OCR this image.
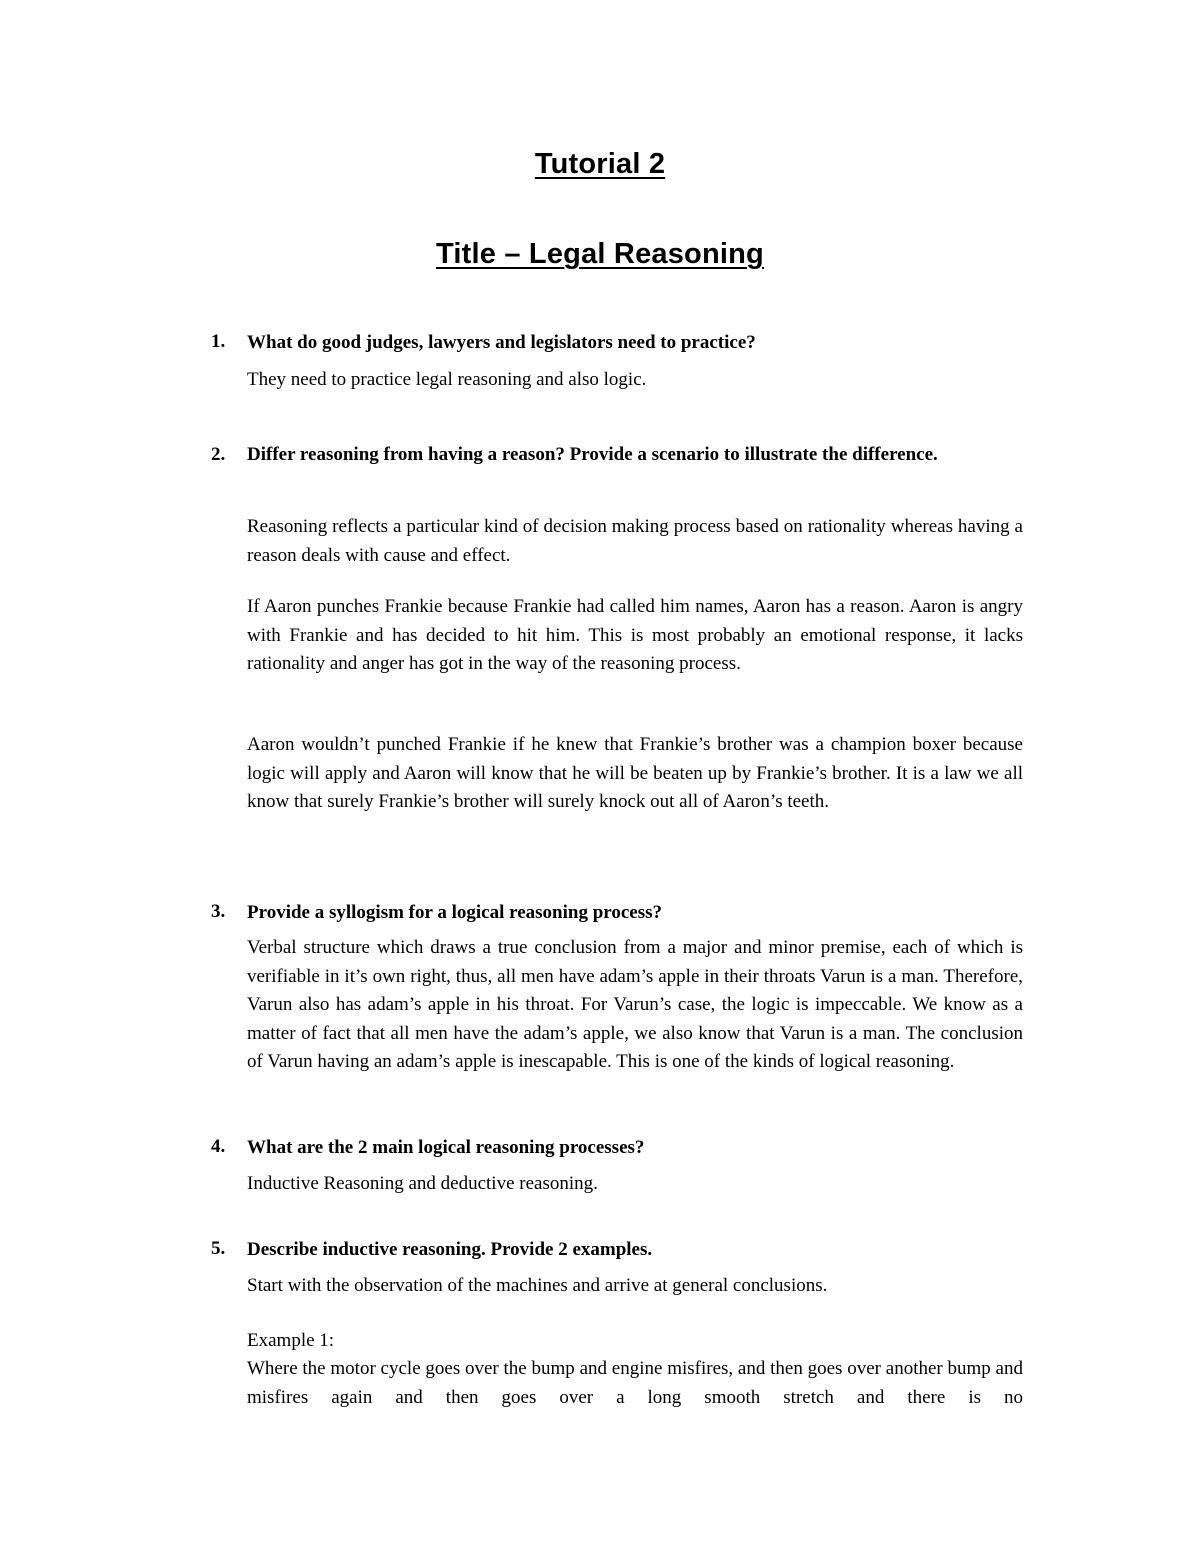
Tutorial 2
Title – Legal Reasoning
1. What do good judges, lawyers and legislators need to practice?
They need to practice legal reasoning and also logic.
2. Differ reasoning from having a reason? Provide a scenario to illustrate the difference.
Reasoning reflects a particular kind of decision making process based on rationality whereas having a reason deals with cause and effect.
If Aaron punches Frankie because Frankie had called him names, Aaron has a reason. Aaron is angry with Frankie and has decided to hit him. This is most probably an emotional response, it lacks rationality and anger has got in the way of the reasoning process.
Aaron wouldn’t punched Frankie if he knew that Frankie’s brother was a champion boxer because logic will apply and Aaron will know that he will be beaten up by Frankie’s brother. It is a law we all know that surely Frankie’s brother will surely knock out all of Aaron’s teeth.
3. Provide a syllogism for a logical reasoning process?
Verbal structure which draws a true conclusion from a major and minor premise, each of which is verifiable in it’s own right, thus, all men have adam’s apple in their throats Varun is a man. Therefore, Varun also has adam’s apple in his throat. For Varun’s case, the logic is impeccable. We know as a matter of fact that all men have the adam’s apple, we also know that Varun is a man. The conclusion of Varun having an adam’s apple is inescapable. This is one of the kinds of logical reasoning.
4. What are the 2 main logical reasoning processes?
Inductive Reasoning and deductive reasoning.
5. Describe inductive reasoning. Provide 2 examples.
Start with the observation of the machines and arrive at general conclusions.
Example 1:
Where the motor cycle goes over the bump and engine misfires, and then goes over another bump and misfires again and then goes over a long smooth stretch and there is no
